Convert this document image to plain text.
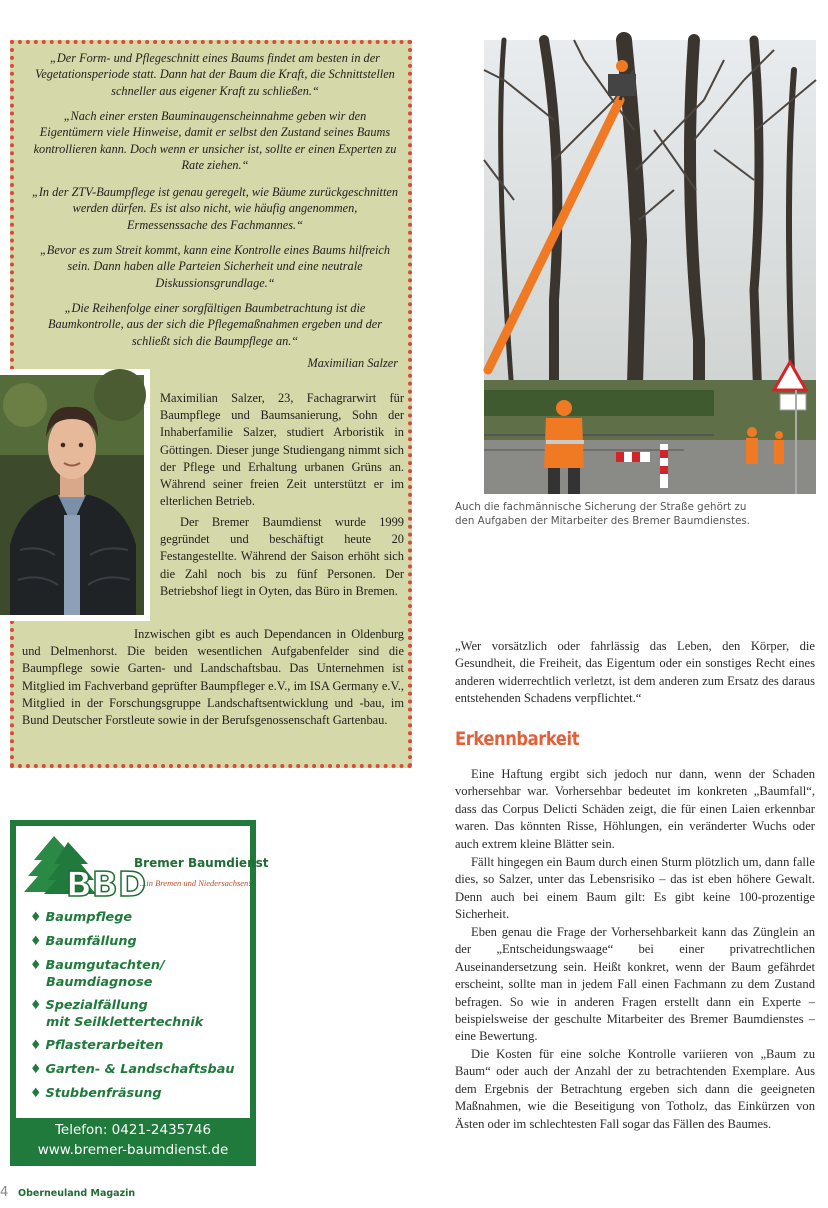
„Der Form- und Pflegeschnitt eines Baums findet am besten in der Vegetationsperiode statt. Dann hat der Baum die Kraft, die Schnittstellen schneller aus eigener Kraft zu schließen.“

„Nach einer ersten Bauminaugenscheinnahme geben wir den Eigentümern viele Hinweise, damit er selbst den Zustand seines Baums kontrollieren kann. Doch wenn er unsicher ist, sollte er einen Experten zu Rate ziehen.“

„In der ZTV-Baumpflege ist genau geregelt, wie Bäume zurückgeschnitten werden dürfen. Es ist also nicht, wie häufig angenommen, Ermessenssache des Fachmannes.“

„Bevor es zum Streit kommt, kann eine Kontrolle eines Baums hilfreich sein. Dann haben alle Parteien Sicherheit und eine neutrale Diskussionsgrundlage.“

„Die Reihenfolge einer sorgfältigen Baumbetrachtung ist die Baumkontrolle, aus der sich die Pflegemaßnahmen ergeben und der schließt sich die Baumpflege an.“

Maximilian Salzer

Maximilian Salzer, 23, Fachagrarwirt für Baumpflege und Baumsanierung, Sohn der Inhaberfamilie Salzer, studiert Arboristik in Göttingen. Dieser junge Studiengang nimmt sich der Pflege und Erhaltung urbanen Grüns an. Während seiner freien Zeit unterstützt er im elterlichen Betrieb.

Der Bremer Baumdienst wurde 1999 gegründet und beschäftigt heute 20 Festangestellte. Während der Saison erhöht sich die Zahl noch bis zu fünf Personen. Der Betriebshof liegt in Oyten, das Büro in Bremen.

Inzwischen gibt es auch Dependancen in Oldenburg und Delmenhorst. Die beiden wesentlichen Aufgabenfelder sind die Baumpflege sowie Garten- und Landschaftsbau. Das Unternehmen ist Mitglied im Fachverband geprüfter Baumpfleger e.V., im ISA Germany e.V., Mitglied in der Forschungsgruppe Landschaftsentwicklung und -bau, im Bund Deutscher Forstleute sowie in der Berufsgenossenschaft Gartenbau.

Auch die fachmännische Sicherung der Straße gehört zu den Aufgaben der Mitarbeiter des Bremer Baumdienstes.

„Wer vorsätzlich oder fahrlässig das Leben, den Körper, die Gesundheit, die Freiheit, das Eigentum oder ein sonstiges Recht eines anderen widerrechtlich verletzt, ist dem anderen zum Ersatz des daraus entstehenden Schadens verpflichtet.“

Erkennbarkeit

Eine Haftung ergibt sich jedoch nur dann, wenn der Schaden vorhersehbar war. Vorhersehbar bedeutet im konkreten „Baumfall“, dass das Corpus Delicti Schäden zeigt, die für einen Laien erkennbar waren. Das könnten Risse, Höhlungen, ein veränderter Wuchs oder auch extrem kleine Blätter sein.

Fällt hingegen ein Baum durch einen Sturm plötzlich um, dann falle dies, so Salzer, unter das Lebensrisiko – das ist eben höhere Gewalt. Denn auch bei einem Baum gilt: Es gibt keine 100-prozentige Sicherheit.

Eben genau die Frage der Vorhersehbarkeit kann das Zünglein an der „Entscheidungswaage“ bei einer privatrechtlichen Auseinandersetzung sein. Heißt konkret, wenn der Baum gefährdet erscheint, sollte man in jedem Fall einen Fachmann zu dem Zustand befragen. So wie in anderen Fragen erstellt dann ein Experte – beispielsweise der geschulte Mitarbeiter des Bremer Baumdienstes – eine Bewertung.

Die Kosten für eine solche Kontrolle variieren von „Baum zu Baum“ oder auch der Anzahl der zu betrachtenden Exemplare. Aus dem Ergebnis der Betrachtung ergeben sich dann die geeigneten Maßnahmen, wie die Beseitigung von Totholz, das Einkürzen von Ästen oder im schlechtesten Fall sogar das Fällen des Baumes.

BBD
Bremer Baumdienst
...in Bremen und Niedersachsen!

♦ Baumpflege

♦ Baumfällung

♦ Baumgutachten/
Baumdiagnose

♦ Spezialfällung
mit Seilklettertechnik

♦ Pflasterarbeiten

♦ Garten- & Landschaftsbau

♦ Stubbenfräsung

Telefon: 0421-2435746
www.bremer-baumdienst.de
4 Oberneuland Magazin
